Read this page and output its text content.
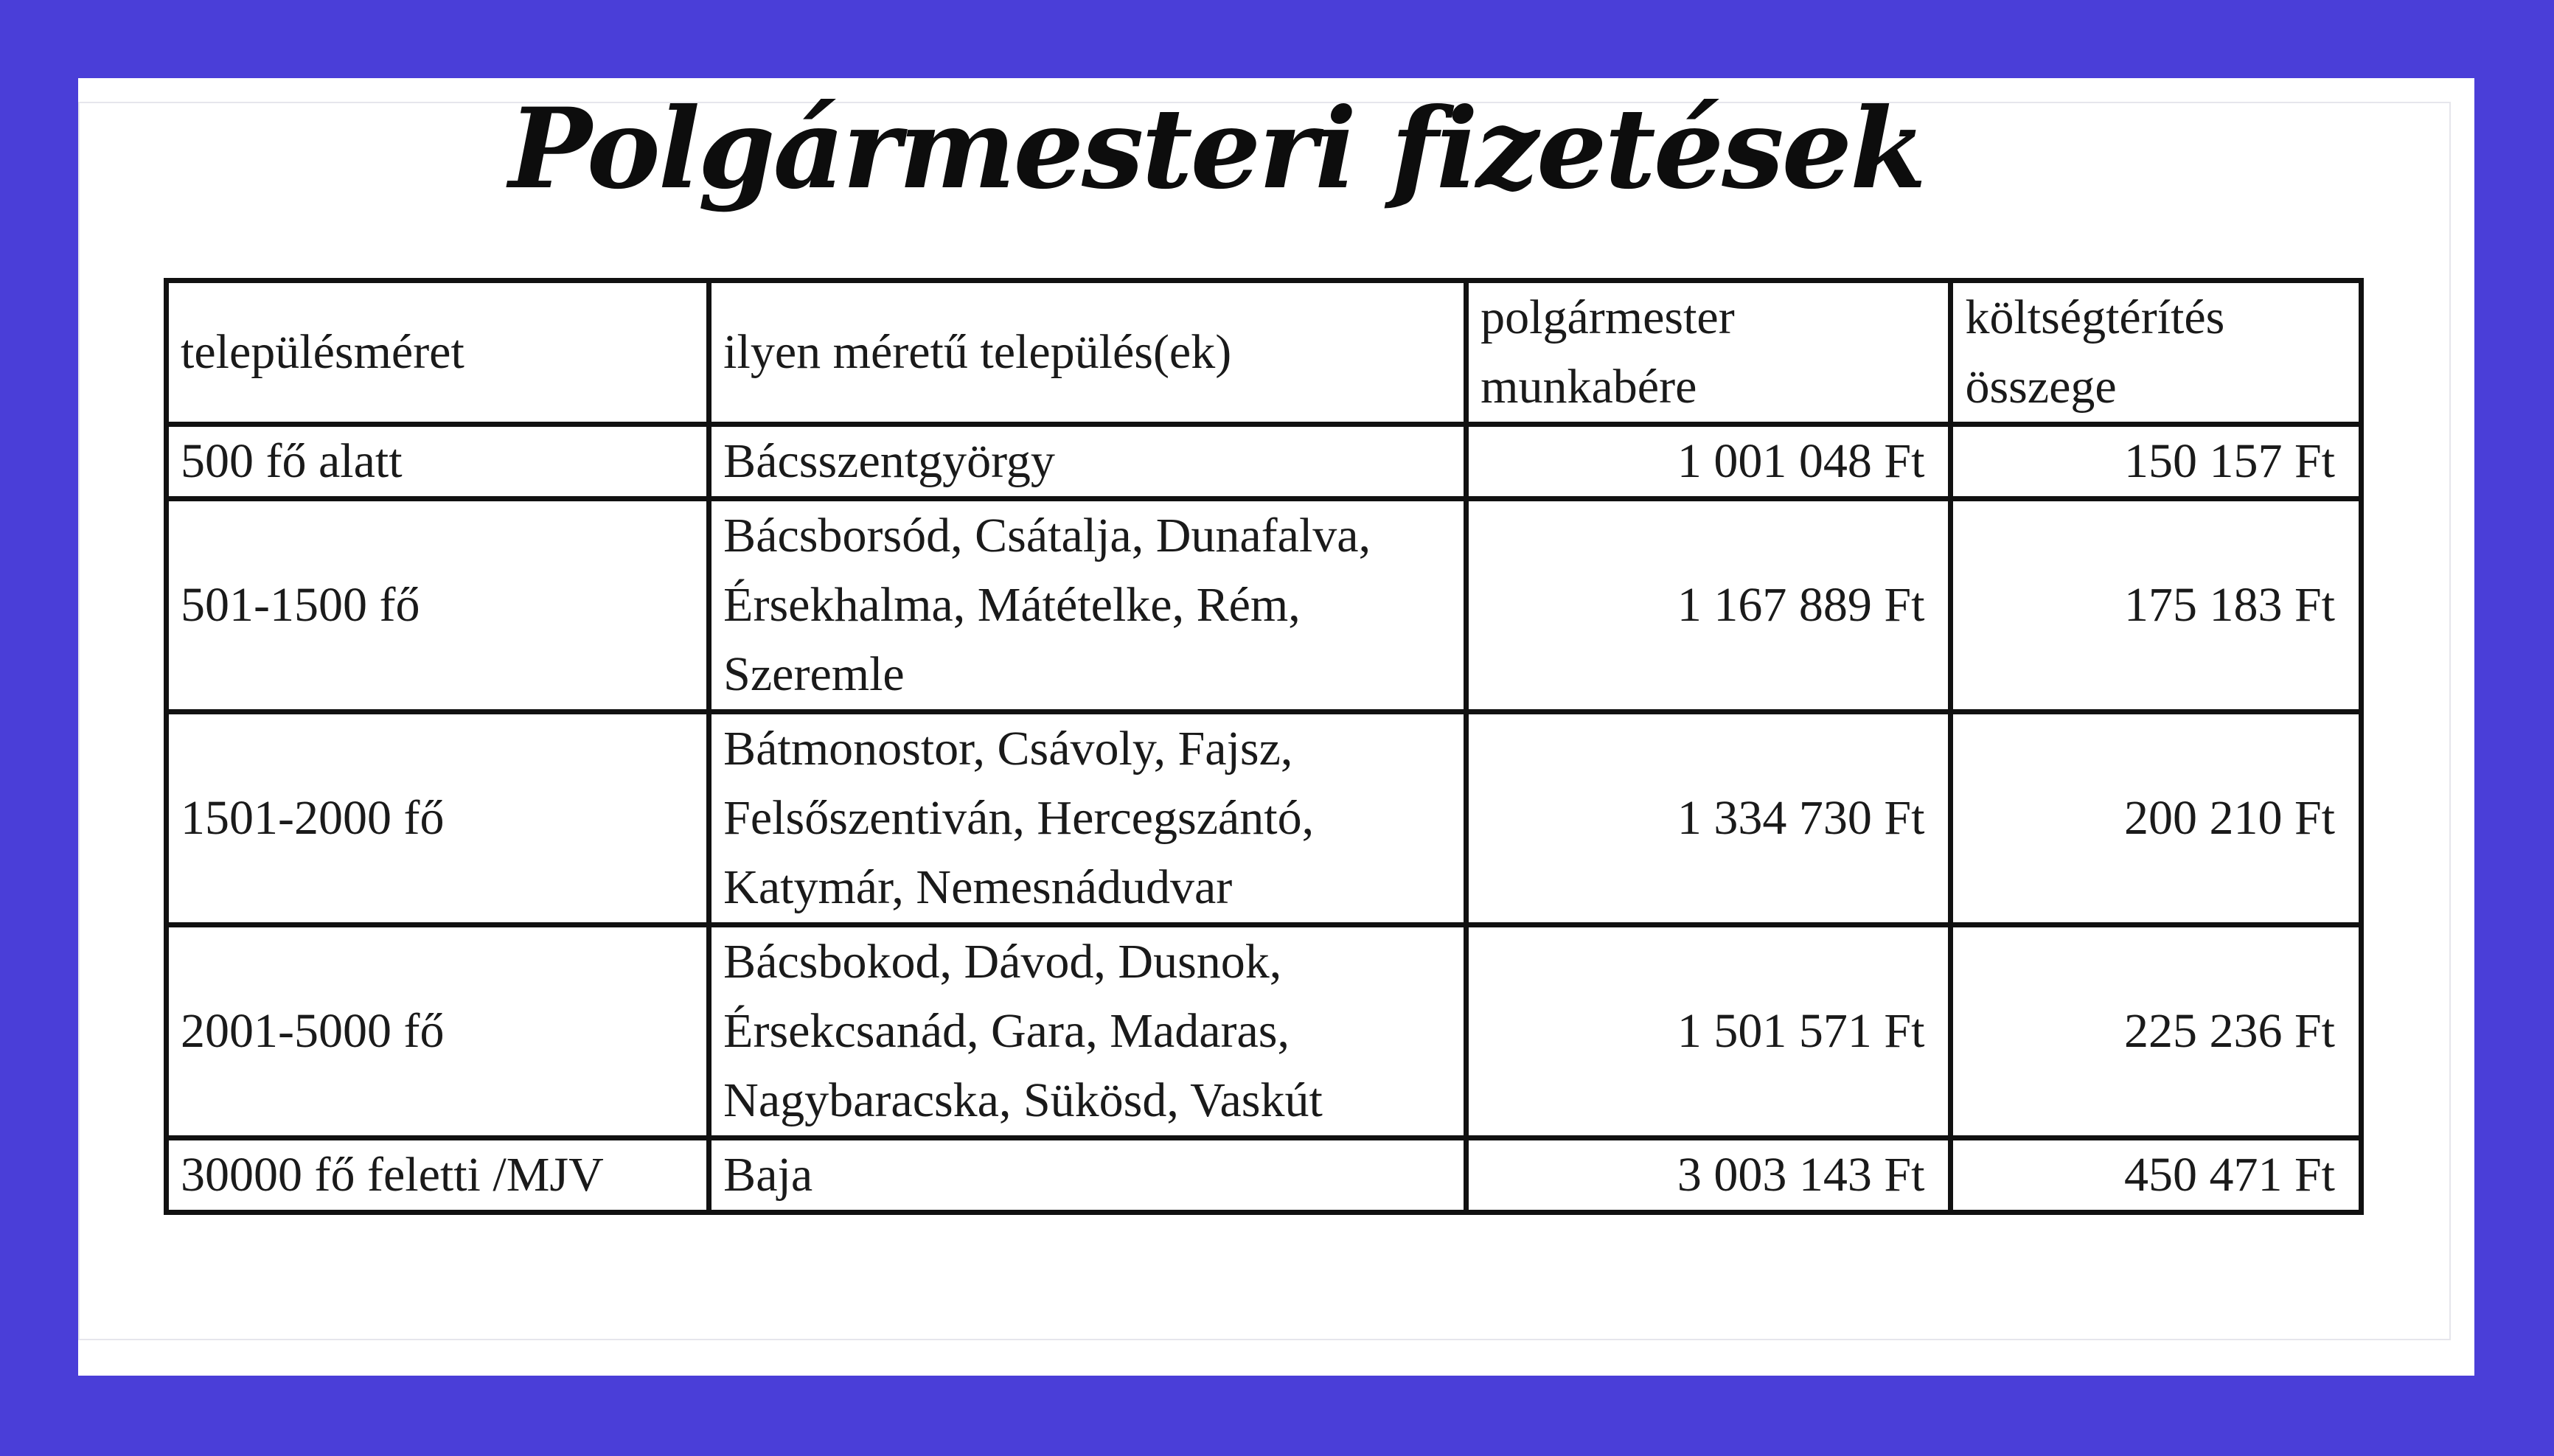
Polgármesteri fizetések
településméret	ilyen méretű település(ek)	polgármester munkabére	költségtérítés összege
500 fő alatt	Bácsszentgyörgy	1 001 048 Ft	150 157 Ft
501-1500 fő	Bácsborsód, Csátalja, Dunafalva, Érsekhalma, Mátételke, Rém, Szeremle	1 167 889 Ft	175 183 Ft
1501-2000 fő	Bátmonostor, Csávoly, Fajsz, Felsőszentiván, Hercegszántó, Katymár, Nemesnádudvar	1 334 730 Ft	200 210 Ft
2001-5000 fő	Bácsbokod, Dávod, Dusnok, Érsekcsanád, Gara, Madaras, Nagybaracska, Sükösd, Vaskút	1 501 571 Ft	225 236 Ft
30000 fő feletti /MJV	Baja	3 003 143 Ft	450 471 Ft
